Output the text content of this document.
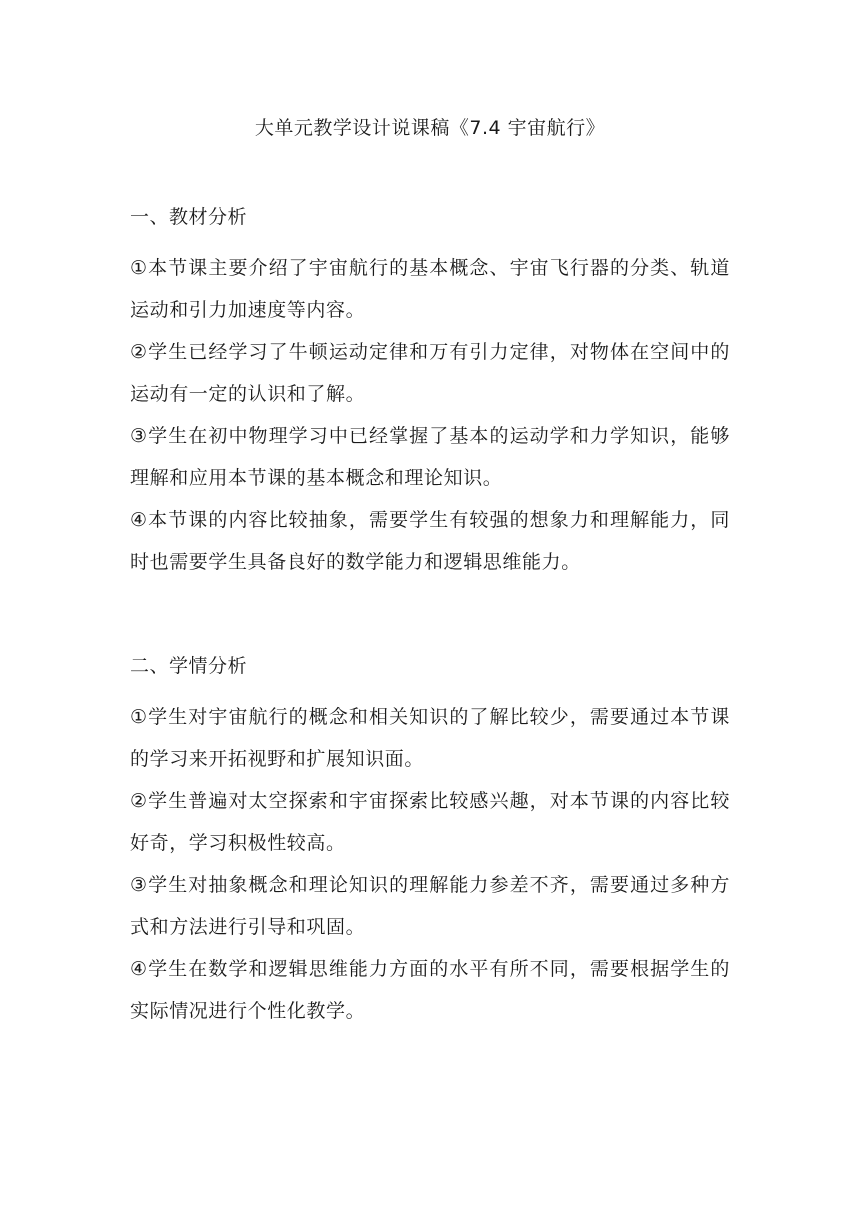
大单元教学设计说课稿《7.4 宇宙航行》
一、教材分析
①本节课主要介绍了宇宙航行的基本概念、宇宙飞行器的分类、轨道运动和引力加速度等内容。
②学生已经学习了牛顿运动定律和万有引力定律，对物体在空间中的运动有一定的认识和了解。
③学生在初中物理学习中已经掌握了基本的运动学和力学知识，能够理解和应用本节课的基本概念和理论知识。
④本节课的内容比较抽象，需要学生有较强的想象力和理解能力，同时也需要学生具备良好的数学能力和逻辑思维能力。
二、学情分析
①学生对宇宙航行的概念和相关知识的了解比较少，需要通过本节课的学习来开拓视野和扩展知识面。
②学生普遍对太空探索和宇宙探索比较感兴趣，对本节课的内容比较好奇，学习积极性较高。
③学生对抽象概念和理论知识的理解能力参差不齐，需要通过多种方式和方法进行引导和巩固。
④学生在数学和逻辑思维能力方面的水平有所不同，需要根据学生的实际情况进行个性化教学。
